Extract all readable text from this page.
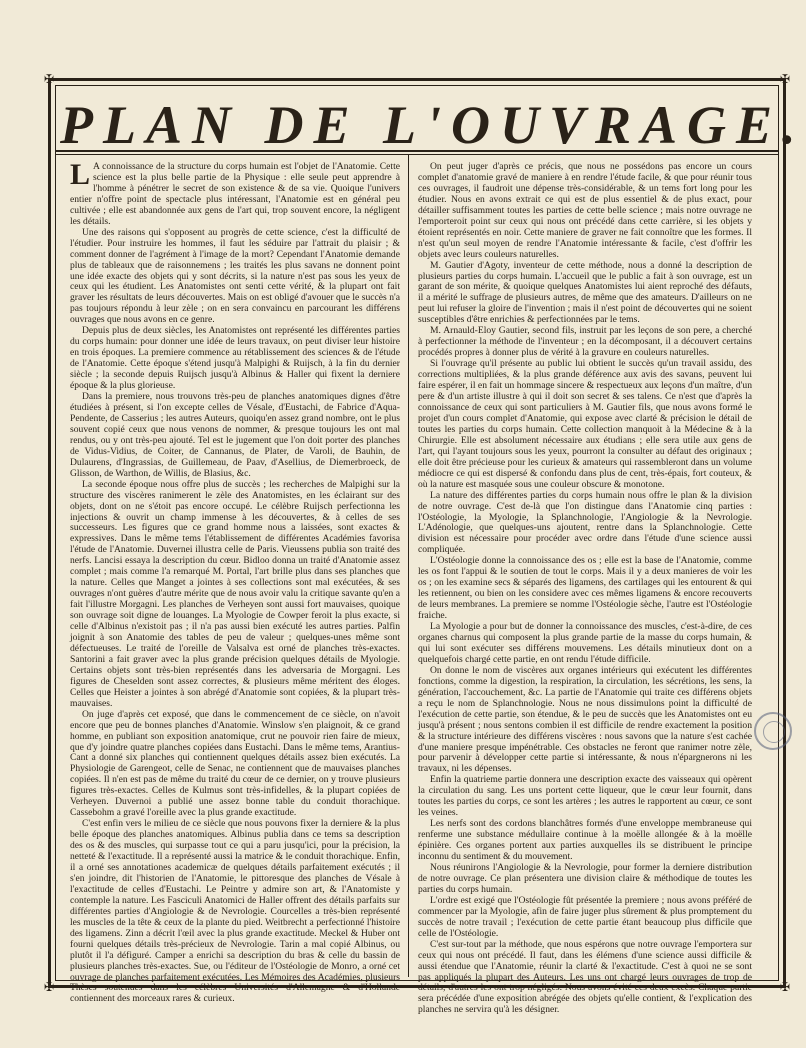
✠	✠
✠	✠
PLAN DE L'OUVRAGE.

L A connoissance de la structure du corps humain est l'objet de l'Anatomie. Cette science est la plus belle partie de la Physique : elle seule peut apprendre à l'homme à pénétrer le secret de son existence & de sa vie. Quoique l'univers entier n'offre point de spectacle plus intéressant, l'Anatomie est en général peu cultivée ; elle est abandonnée aux gens de l'art qui, trop souvent encore, la négligent les détails.

Une des raisons qui s'opposent au progrès de cette science, c'est la difficulté de l'étudier. Pour instruire les hommes, il faut les séduire par l'attrait du plaisir ; & comment donner de l'agrément à l'image de la mort? Cependant l'Anatomie demande plus de tableaux que de raisonnemens ; les traités les plus savans ne donnent point une idée exacte des objets qui y sont décrits, si la nature n'est pas sous les yeux de ceux qui les étudient. Les Anatomistes ont senti cette vérité, & la plupart ont fait graver les résultats de leurs découvertes. Mais on est obligé d'avouer que le succès n'a pas toujours répondu à leur zèle ; on en sera convaincu en parcourant les différens ouvrages que nous avons en ce genre.

Depuis plus de deux siècles, les Anatomistes ont représenté les différentes parties du corps humain: pour donner une idée de leurs travaux, on peut diviser leur histoire en trois époques. La premiere commence au rétablissement des sciences & de l'étude de l'Anatomie. Cette époque s'étend jusqu'à Malpighi & Ruijsch, à la fin du dernier siècle ; la seconde depuis Ruijsch jusqu'à Albinus & Haller qui fixent la derniere époque & la plus glorieuse.

Dans la premiere, nous trouvons très-peu de planches anatomiques dignes d'être étudiées à présent, si l'on excepte celles de Vésale, d'Eustachi, de Fabrice d'Aqua-Pendente, de Casserius ; les autres Auteurs, quoiqu'en assez grand nombre, ont le plus souvent copié ceux que nous venons de nommer, & presque toujours les ont mal rendus, ou y ont très-peu ajouté. Tel est le jugement que l'on doit porter des planches de Vidus-Vidius, de Coiter, de Cannanus, de Plater, de Varoli, de Bauhin, de Dulaurens, d'Ingrassias, de Guillemeau, de Paav, d'Asellius, de Diemerbroeck, de Glisson, de Warthon, de Willis, de Blasius, &c.

La seconde époque nous offre plus de succès ; les recherches de Malpighi sur la structure des viscères ranimerent le zèle des Anatomistes, en les éclairant sur des objets, dont on ne s'étoit pas encore occupé. Le célèbre Ruijsch perfectionna les injections & ouvrit un champ immense à les découvertes, & à celles de ses successeurs. Les figures que ce grand homme nous a laissées, sont exactes & expressives. Dans le même tems l'établissement de différentes Académies favorisa l'étude de l'Anatomie. Duvernei illustra celle de Paris. Vieussens publia son traité des nerfs. Lancisi essaya la description du cœur. Bidloo donna un traité d'Anatomie assez complet ; mais comme l'a remarqué M. Portal, l'art brille plus dans ses planches que la nature. Celles que Manget a jointes à ses collections sont mal exécutées, & ses ouvrages n'ont guères d'autre mérite que de nous avoir valu la critique savante qu'en a fait l'illustre Morgagni. Les planches de Verheyen sont aussi fort mauvaises, quoique son ouvrage soit digne de louanges. La Myologie de Cowper feroit la plus exacte, si celle d'Albinus n'existoit pas ; il n'a pas aussi bien exécuté les autres parties. Palfin joignit à son Anatomie des tables de peu de valeur ; quelques-unes même sont défectueuses. Le traité de l'oreille de Valsalva est orné de planches très-exactes. Santorini a fait graver avec la plus grande précision quelques détails de Myologie. Certains objets sont très-bien représentés dans les adversaria de Morgagni. Les figures de Cheselden sont assez correctes, & plusieurs même méritent des éloges. Celles que Heister a jointes à son abrégé d'Anatomie sont copiées, & la plupart très-mauvaises.

On juge d'après cet exposé, que dans le commencement de ce siècle, on n'avoit encore que peu de bonnes planches d'Anatomie. Winslow s'en plaignoit, & ce grand homme, en publiant son exposition anatomique, crut ne pouvoir rien faire de mieux, que d'y joindre quatre planches copiées dans Eustachi. Dans le même tems, Arantius-Cant a donné six planches qui contiennent quelques détails assez bien exécutés. La Physiologie de Garengeot, celle de Senac, ne contiennent que de mauvaises planches copiées. Il n'en est pas de même du traité du cœur de ce dernier, on y trouve plusieurs figures très-exactes. Celles de Kulmus sont très-infidelles, & la plupart copiées de Verheyen. Duvernoi a publié une assez bonne table du conduit thorachique. Cassebohm a gravé l'oreille avec la plus grande exactitude.

C'est enfin vers le milieu de ce siècle que nous pouvons fixer la derniere & la plus belle époque des planches anatomiques. Albinus publia dans ce tems sa description des os & des muscles, qui surpasse tout ce qui a paru jusqu'ici, pour la précision, la netteté & l'exactitude. Il a représenté aussi la matrice & le conduit thorachique. Enfin, il a orné ses annotationes academicæ de quelques détails parfaitement exécutés ; il s'en joindre, dit l'historien de l'Anatomie, le pittoresque des planches de Vésale à l'exactitude de celles d'Eustachi. Le Peintre y admire son art, & l'Anatomiste y contemple la nature. Les Fasciculi Anatomici de Haller offrent des détails parfaits sur différentes parties d'Angiologie & de Nevrologie. Courcelles a très-bien représenté les muscles de la tête & ceux de la plante du pied. Weitbrecht a perfectionné l'histoire des ligamens. Zinn a décrit l'œil avec la plus grande exactitude. Meckel & Huber ont fourni quelques détails très-précieux de Nevrologie. Tarin a mal copié Albinus, ou plutôt il l'a défiguré. Camper a enrichi sa description du bras & celle du bassin de plusieurs planches très-exactes. Sue, ou l'éditeur de l'Ostéologie de Monro, a orné cet ouvrage de planches parfaitement exécutées. Les Mémoires des Académies, plusieurs Thèses soutenues dans les célèbres Universités d'Allemagne & d'Hollande contiennent des morceaux rares & curieux.

On peut juger d'après ce précis, que nous ne possédons pas encore un cours complet d'anatomie gravé de maniere à en rendre l'étude facile, & que pour réunir tous ces ouvrages, il faudroit une dépense très-considérable, & un tems fort long pour les étudier. Nous en avons extrait ce qui est de plus essentiel & de plus exact, pour détailler suffisamment toutes les parties de cette belle science ; mais notre ouvrage ne l'emporteroit point sur ceux qui nous ont précédé dans cette carrière, si les objets y étoient représentés en noir. Cette maniere de graver ne fait connoître que les formes. Il n'est qu'un seul moyen de rendre l'Anatomie intéressante & facile, c'est d'offrir les objets avec leurs couleurs naturelles.

M. Gautier d'Agoty, inventeur de cette méthode, nous a donné la description de plusieurs parties du corps humain. L'accueil que le public a fait à son ouvrage, est un garant de son mérite, & quoique quelques Anatomistes lui aient reproché des défauts, il a mérité le suffrage de plusieurs autres, de même que des amateurs. D'ailleurs on ne peut lui refuser la gloire de l'invention ; mais il n'est point de découvertes qui ne soient susceptibles d'être enrichies & perfectionnées par le tems.

M. Arnauld-Eloy Gautier, second fils, instruit par les leçons de son pere, a cherché à perfectionner la méthode de l'inventeur ; en la décomposant, il a découvert certains procédés propres à donner plus de vérité à la gravure en couleurs naturelles.

Si l'ouvrage qu'il présente au public lui obtient le succès qu'un travail assidu, des corrections multipliées, & la plus grande déférence aux avis des savans, peuvent lui faire espérer, il en fait un hommage sincere & respectueux aux leçons d'un maître, d'un pere & d'un artiste illustre à qui il doit son secret & ses talens. Ce n'est que d'après la connoissance de ceux qui sont particuliers à M. Gautier fils, que nous avons formé le projet d'un cours complet d'Anatomie, qui expose avec clarté & précision le détail de toutes les parties du corps humain. Cette collection manquoit à la Médecine & à la Chirurgie. Elle est absolument nécessaire aux étudians ; elle sera utile aux gens de l'art, qui l'ayant toujours sous les yeux, pourront la consulter au défaut des originaux ; elle doit être précieuse pour les curieux & amateurs qui rassembleront dans un volume médiocre ce qui est dispersé & confondu dans plus de cent, très-épais, fort couteux, & où la nature est masquée sous une couleur obscure & monotone.

La nature des différentes parties du corps humain nous offre le plan & la division de notre ouvrage. C'est de-là que l'on distingue dans l'Anatomie cinq parties : l'Ostéologie, la Myologie, la Splanchnologie, l'Angiologie & la Nevrologie. L'Adénologie, que quelques-uns ajoutent, rentre dans la Splanchnologie. Cette division est nécessaire pour procéder avec ordre dans l'étude d'une science aussi compliquée.

L'Ostéologie donne la connoissance des os ; elle est la base de l'Anatomie, comme les os font l'appui & le soutien de tout le corps. Mais il y a deux manieres de voir les os ; on les examine secs & séparés des ligamens, des cartilages qui les entourent & qui les retiennent, ou bien on les considere avec ces mêmes ligamens & encore recouverts de leurs membranes. La premiere se nomme l'Ostéologie sèche, l'autre est l'Ostéologie fraiche.

La Myologie a pour but de donner la connoissance des muscles, c'est-à-dire, de ces organes charnus qui composent la plus grande partie de la masse du corps humain, & qui lui sont exécuter ses différens mouvemens. Les détails minutieux dont on a quelquefois chargé cette partie, en ont rendu l'étude difficile.

On donne le nom de viscères aux organes intérieurs qui exécutent les différentes fonctions, comme la digestion, la respiration, la circulation, les sécrétions, les sens, la génération, l'accouchement, &c. La partie de l'Anatomie qui traite ces différens objets a reçu le nom de Splanchnologie. Nous ne nous dissimulons point la difficulté de l'exécution de cette partie, son étendue, & le peu de succès que les Anatomistes ont eu jusqu'à présent ; nous sentons combien il est difficile de rendre exactement la position & la structure intérieure des différens viscères : nous savons que la nature s'est cachée d'une maniere presque impénétrable. Ces obstacles ne feront que ranimer notre zèle, pour parvenir à développer cette partie si intéressante, & nous n'épargnerons ni les travaux, ni les dépenses.

Enfin la quatrieme partie donnera une description exacte des vaisseaux qui opèrent la circulation du sang. Les uns portent cette liqueur, que le cœur leur fournit, dans toutes les parties du corps, ce sont les artères ; les autres le rapportent au cœur, ce sont les veines.

Les nerfs sont des cordons blanchâtres formés d'une enveloppe membraneuse qui renferme une substance médullaire continue à la moëlle allongée & à la moëlle épinière. Ces organes portent aux parties auxquelles ils se distribuent le principe inconnu du sentiment & du mouvement.

Nous réunirons l'Angiologie & la Nevrologie, pour former la derniere distribution de notre ouvrage. Ce plan présentera une division claire & méthodique de toutes les parties du corps humain.

L'ordre est exigé que l'Ostéologie fût présentée la premiere ; nous avons préféré de commencer par la Myologie, afin de faire juger plus sûrement & plus promptement du succès de notre travail ; l'exécution de cette partie étant beaucoup plus difficile que celle de l'Ostéologie.

C'est sur-tout par la méthode, que nous espérons que notre ouvrage l'emportera sur ceux qui nous ont précédé. Il faut, dans les élémens d'une science aussi difficile & aussi étendue que l'Anatomie, réunir la clarté & l'exactitude. C'est à quoi ne se sont pas appliqués la plupart des Auteurs. Les uns ont chargé leurs ouvrages de trop de détails, d'autres les ont trop négligés. Nous avons évité ces deux excès. Chaque partie sera précédée d'une exposition abrégée des objets qu'elle contient, & l'explication des planches ne servira qu'à les désigner.
